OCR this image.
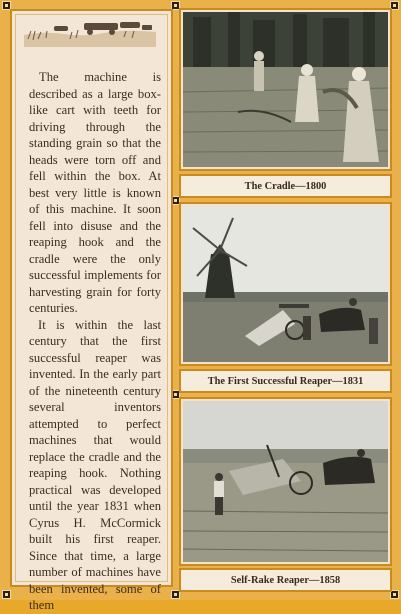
The machine is described as a large box-like cart with teeth for driving through the standing grain so that the heads were torn off and fell within the box. At best very little is known of this machine. It soon fell into disuse and the reaping hook and the cradle were the only successful implements for harvesting grain for forty centuries.

It is within the last century that the first successful reaper was invented. In the early part of the nineteenth century several inventors attempted to perfect machines that would replace the cradle and the reaping hook. Nothing practical was developed until the year 1831 when Cyrus H. McCormick built his first reaper. Since that time, a large number of machines have been invented, some of them

The Cradle—1800
The First Successful Reaper—1831
Self-Rake Reaper—1858
